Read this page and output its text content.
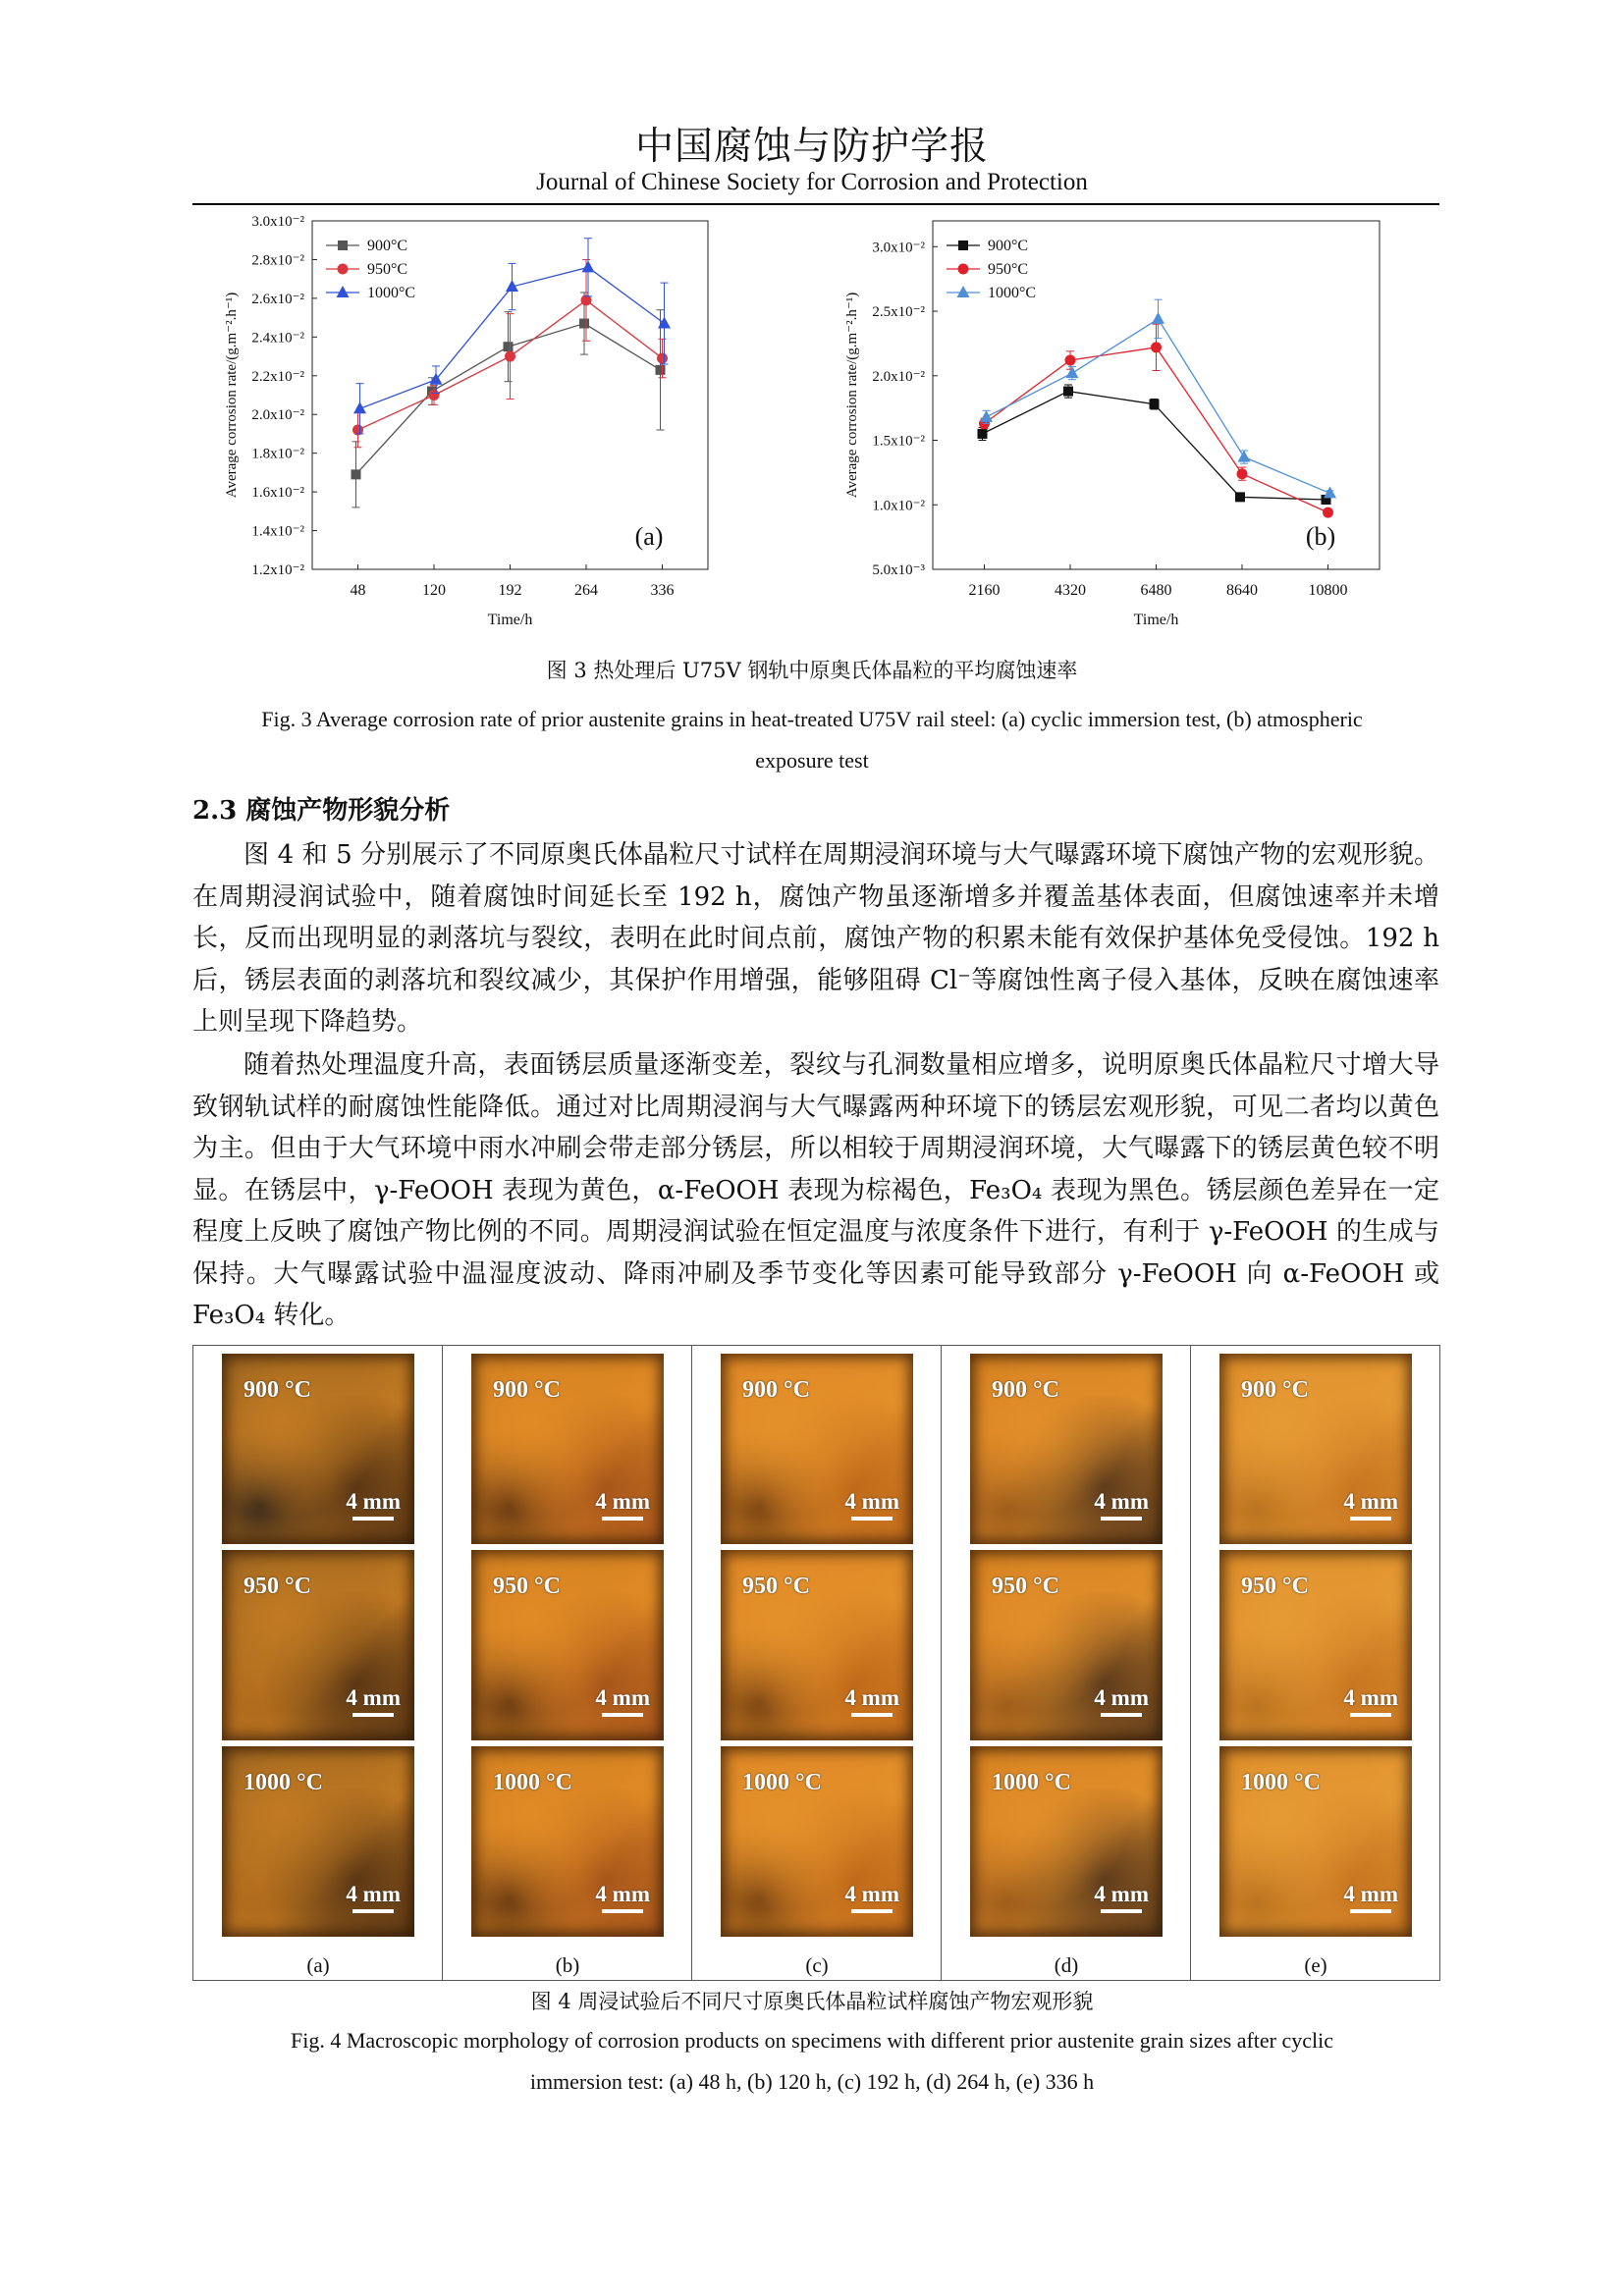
中国腐蚀与防护学报
Journal of Chinese Society for Corrosion and Protection
1.2x10⁻²
1.4x10⁻²
1.6x10⁻²
1.8x10⁻²
2.0x10⁻²
2.2x10⁻²
2.4x10⁻²
2.6x10⁻²
2.8x10⁻²
3.0x10⁻²
48	120	192	264	336
Time/h
Average corrosion rate/(g.m⁻².h⁻¹)
900°C
950°C
1000°C
(a)
5.0x10⁻³
1.0x10⁻²
1.5x10⁻²
2.0x10⁻²
2.5x10⁻²
3.0x10⁻²
2160	4320	6480	8640	10800
Time/h
Average corrosion rate/(g.m⁻².h⁻¹)
900°C
950°C
1000°C
(b)
图 3 热处理后 U75V 钢轨中原奥氏体晶粒的平均腐蚀速率
Fig. 3 Average corrosion rate of prior austenite grains in heat-treated U75V rail steel: (a) cyclic immersion test, (b) atmospheric exposure test
2.3 腐蚀产物形貌分析
图 4 和 5 分别展示了不同原奥氏体晶粒尺寸试样在周期浸润环境与大气曝露环境下腐蚀产物的宏观形貌。在周期浸润试验中，随着腐蚀时间延长至 192 h，腐蚀产物虽逐渐增多并覆盖基体表面，但腐蚀速率并未增长，反而出现明显的剥落坑与裂纹，表明在此时间点前，腐蚀产物的积累未能有效保护基体免受侵蚀。192 h 后，锈层表面的剥落坑和裂纹减少，其保护作用增强，能够阻碍 Cl⁻等腐蚀性离子侵入基体，反映在腐蚀速率上则呈现下降趋势。
随着热处理温度升高，表面锈层质量逐渐变差，裂纹与孔洞数量相应增多，说明原奥氏体晶粒尺寸增大导致钢轨试样的耐腐蚀性能降低。通过对比周期浸润与大气曝露两种环境下的锈层宏观形貌，可见二者均以黄色为主。但由于大气环境中雨水冲刷会带走部分锈层，所以相较于周期浸润环境，大气曝露下的锈层黄色较不明显。在锈层中，γ-FeOOH 表现为黄色，α-FeOOH 表现为棕褐色，Fe₃O₄ 表现为黑色。锈层颜色差异在一定程度上反映了腐蚀产物比例的不同。周期浸润试验在恒定温度与浓度条件下进行，有利于 γ-FeOOH 的生成与保持。大气曝露试验中温湿度波动、降雨冲刷及季节变化等因素可能导致部分 γ-FeOOH 向 α-FeOOH 或 Fe₃O₄ 转化。
900 °C
4 mm
950 °C
4 mm
1000 °C
4 mm
(a)
900 °C
4 mm
950 °C
4 mm
1000 °C
4 mm
(b)
900 °C
4 mm
950 °C
4 mm
1000 °C
4 mm
(c)
900 °C
4 mm
950 °C
4 mm
1000 °C
4 mm
(d)
900 °C
4 mm
950 °C
4 mm
1000 °C
4 mm
(e)
图 4 周浸试验后不同尺寸原奥氏体晶粒试样腐蚀产物宏观形貌
Fig. 4 Macroscopic morphology of corrosion products on specimens with different prior austenite grain sizes after cyclic immersion test: (a) 48 h, (b) 120 h, (c) 192 h, (d) 264 h, (e) 336 h
